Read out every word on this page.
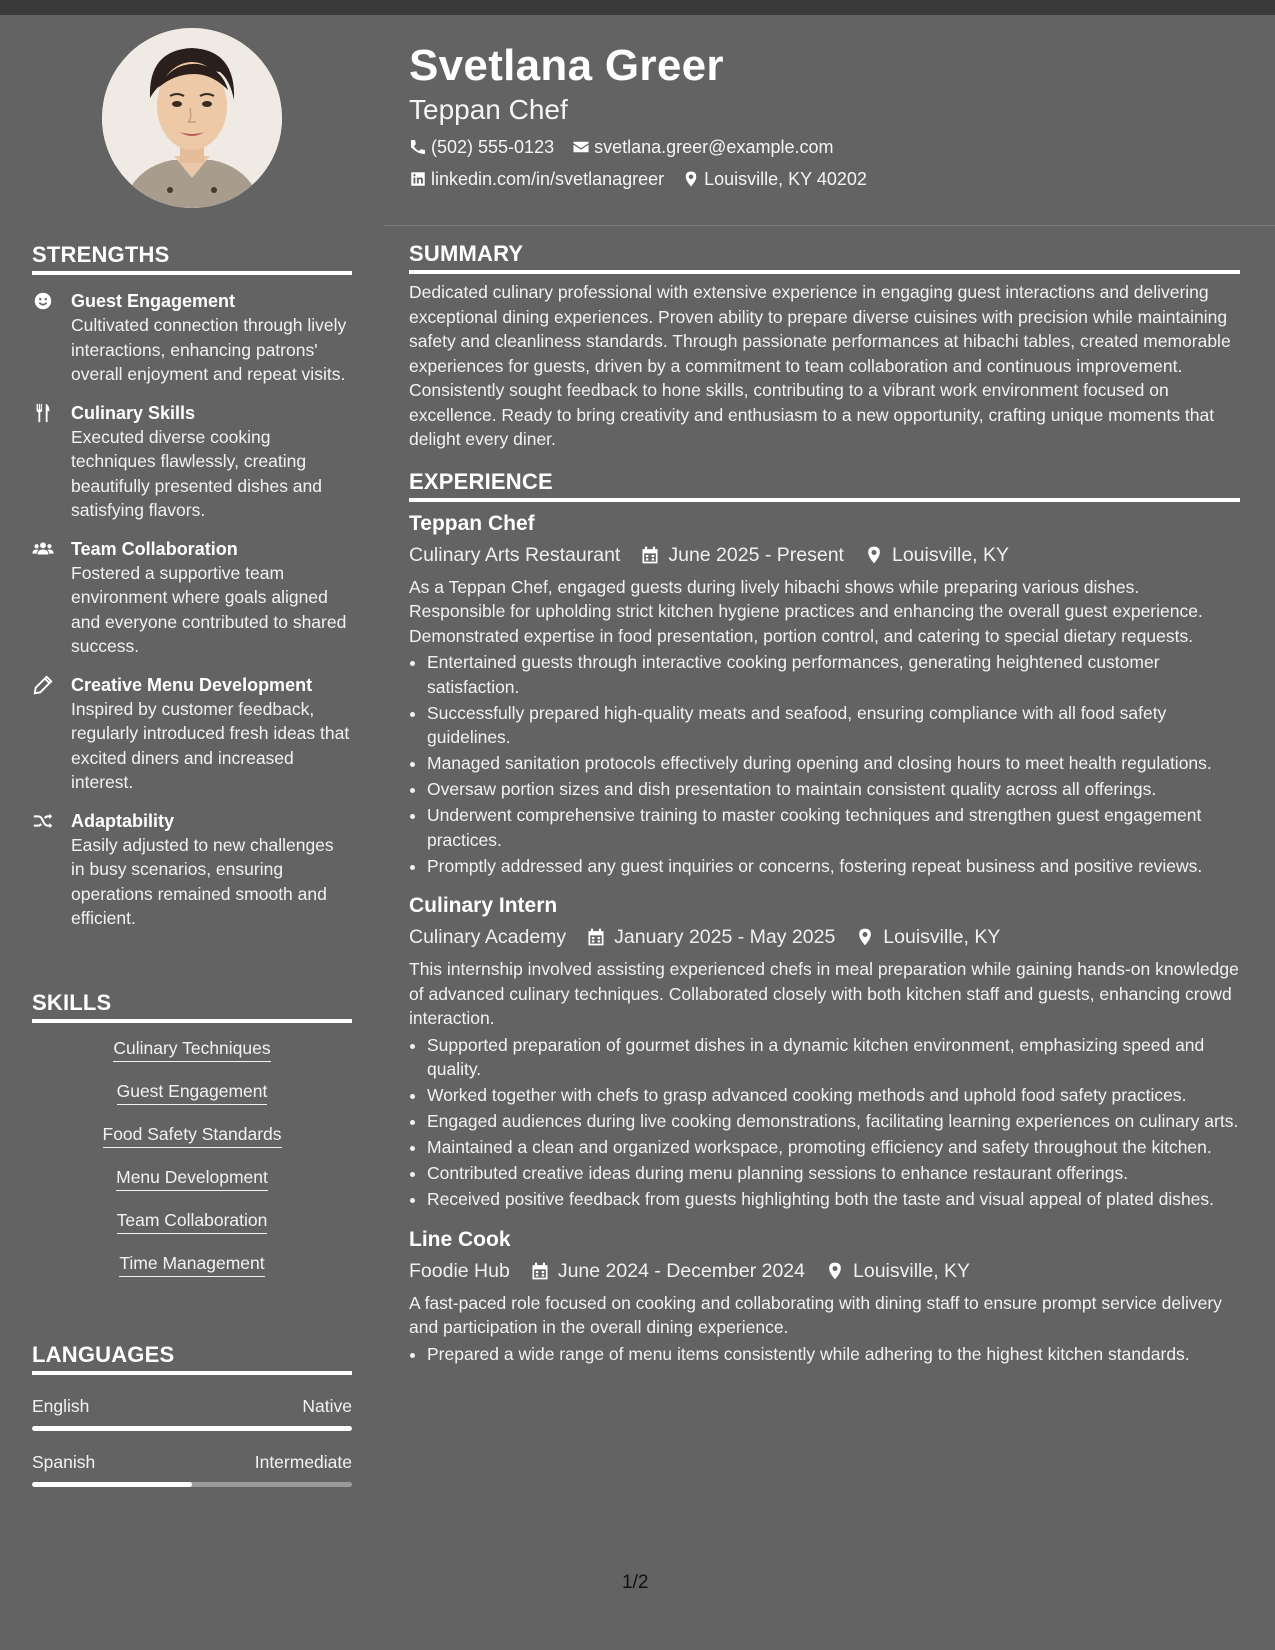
STRENGTHS
Guest Engagement
Cultivated connection through lively interactions, enhancing patrons' overall enjoyment and repeat visits.
Culinary Skills
Executed diverse cooking techniques flawlessly, creating beautifully presented dishes and satisfying flavors.
Team Collaboration
Fostered a supportive team environment where goals aligned and everyone contributed to shared success.
Creative Menu Development
Inspired by customer feedback, regularly introduced fresh ideas that excited diners and increased interest.
Adaptability
Easily adjusted to new challenges in busy scenarios, ensuring operations remained smooth and efficient.
SKILLS
Culinary Techniques
Guest Engagement
Food Safety Standards
Menu Development
Team Collaboration
Time Management
LANGUAGES
English	Native
Spanish	Intermediate
Svetlana Greer
Teppan Chef
(502) 555-0123 svetlana.greer@example.com
linkedin.com/in/svetlanagreer Louisville, KY 40202
SUMMARY
Dedicated culinary professional with extensive experience in engaging guest interactions and delivering exceptional dining experiences. Proven ability to prepare diverse cuisines with precision while maintaining safety and cleanliness standards. Through passionate performances at hibachi tables, created memorable experiences for guests, driven by a commitment to team collaboration and continuous improvement. Consistently sought feedback to hone skills, contributing to a vibrant work environment focused on excellence. Ready to bring creativity and enthusiasm to a new opportunity, crafting unique moments that delight every diner.
EXPERIENCE
Teppan Chef
Culinary Arts Restaurant June 2025 - Present Louisville, KY
As a Teppan Chef, engaged guests during lively hibachi shows while preparing various dishes. Responsible for upholding strict kitchen hygiene practices and enhancing the overall guest experience. Demonstrated expertise in food presentation, portion control, and catering to special dietary requests.
• Entertained guests through interactive cooking performances, generating heightened customer satisfaction.
• Successfully prepared high-quality meats and seafood, ensuring compliance with all food safety guidelines.
• Managed sanitation protocols effectively during opening and closing hours to meet health regulations.
• Oversaw portion sizes and dish presentation to maintain consistent quality across all offerings.
• Underwent comprehensive training to master cooking techniques and strengthen guest engagement practices.
• Promptly addressed any guest inquiries or concerns, fostering repeat business and positive reviews.
Culinary Intern
Culinary Academy January 2025 - May 2025 Louisville, KY
This internship involved assisting experienced chefs in meal preparation while gaining hands-on knowledge of advanced culinary techniques. Collaborated closely with both kitchen staff and guests, enhancing crowd interaction.
• Supported preparation of gourmet dishes in a dynamic kitchen environment, emphasizing speed and quality.
• Worked together with chefs to grasp advanced cooking methods and uphold food safety practices.
• Engaged audiences during live cooking demonstrations, facilitating learning experiences on culinary arts.
• Maintained a clean and organized workspace, promoting efficiency and safety throughout the kitchen.
• Contributed creative ideas during menu planning sessions to enhance restaurant offerings.
• Received positive feedback from guests highlighting both the taste and visual appeal of plated dishes.
Line Cook
Foodie Hub June 2024 - December 2024 Louisville, KY
A fast-paced role focused on cooking and collaborating with dining staff to ensure prompt service delivery and participation in the overall dining experience.
• Prepared a wide range of menu items consistently while adhering to the highest kitchen standards.
1/2
